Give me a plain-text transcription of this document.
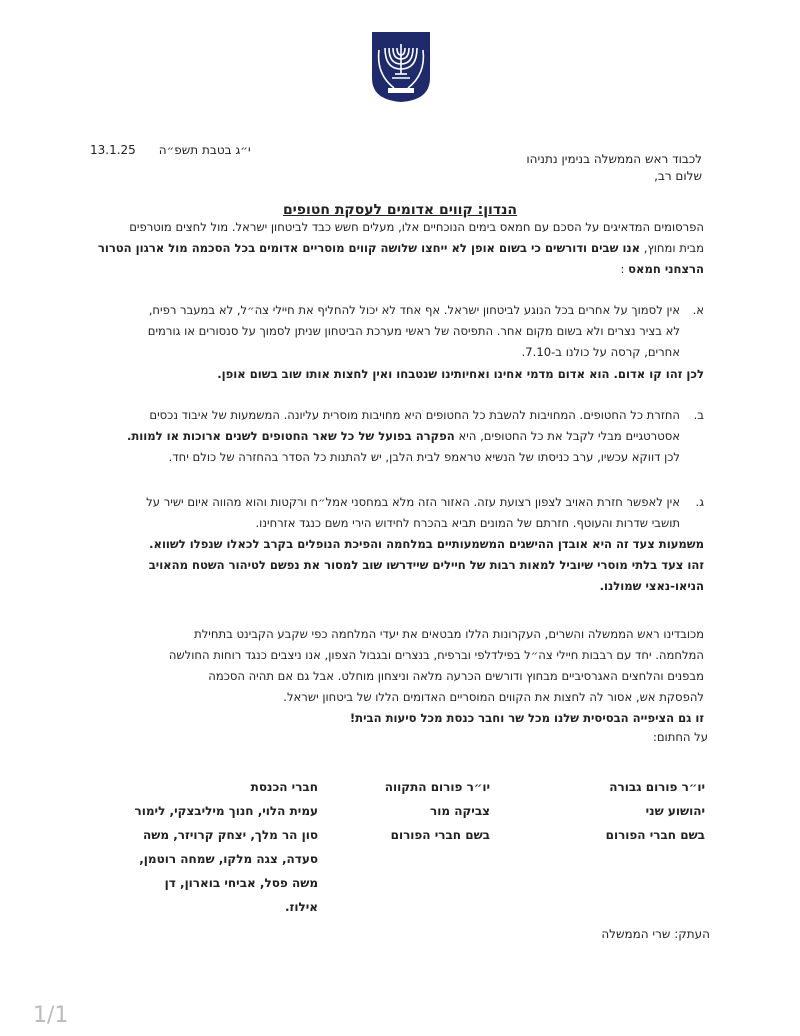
י״ג בטבת תשפ״ה      13.1.25
לכבוד ראש הממשלה בנימין נתניהו
שלום רב,
הנדון: קווים אדומים לעסקת חטופים
הפרסומים המדאיגים על הסכם עם חמאס בימים הנוכחיים אלו, מעלים חשש כבד לביטחון ישראל. מול לחצים מוטרפים
מבית ומחוץ, אנו שבים ודורשים כי בשום אופן לא ייחצו שלושה קווים מוסריים אדומים בכל הסכמה מול ארגון הטרור
הרצחני חמאס :
א.
אין לסמוך על אחרים בכל הנוגע לביטחון ישראל. אף אחד לא יכול להחליף את חיילי צה״ל, לא במעבר רפיח,
לא בציר נצרים ולא בשום מקום אחר. התפיסה של ראשי מערכת הביטחון שניתן לסמוך על סנסורים או גורמים
אחרים, קרסה על כולנו ב-7.10.
לכן זהו קו אדום. הוא אדום מדמי אחינו ואחיותינו שנטבחו ואין לחצות אותו שוב בשום אופן.
ב.
החזרת כל החטופים. המחויבות להשבת כל החטופים היא מחויבות מוסרית עליונה. המשמעות של איבוד נכסים
אסטרטגיים מבלי לקבל את כל החטופים, היא הפקרה בפועל של כל שאר החטופים לשנים ארוכות או למוות.
לכן דווקא עכשיו, ערב כניסתו של הנשיא טראמפ לבית הלבן, יש להתנות כל הסדר בהחזרה של כולם יחד.
ג.
אין לאפשר חזרת האויב לצפון רצועת עזה. האזור הזה מלא במחסני אמל״ח ורקטות והוא מהווה איום ישיר על
תושבי שדרות והעוטף. חזרתם של המונים תביא בהכרח לחידוש הירי משם כנגד אזרחינו.
משמעות צעד זה היא אובדן ההישגים המשמעותיים במלחמה והפיכת הנופלים בקרב לכאלו שנפלו לשווא.
זהו צעד בלתי מוסרי שיוביל למאות רבות של חיילים שיידרשו שוב למסור את נפשם לטיהור השטח מהאויב
הניאו-נאצי שמולנו.
מכובדינו ראש הממשלה והשרים, העקרונות הללו מבטאים את יעדי המלחמה כפי שקבע הקבינט בתחילת
המלחמה. יחד עם רבבות חיילי צה״ל בפילדלפי וברפיח, בנצרים ובגבול הצפון, אנו ניצבים כנגד רוחות החולשה
מבפנים והלחצים האגרסיביים מבחוץ ודורשים הכרעה מלאה וניצחון מוחלט. אבל גם אם תהיה הסכמה
להפסקת אש, אסור לה לחצות את הקווים המוסריים האדומים הללו של ביטחון ישראל.
זו גם הציפייה הבסיסית שלנו מכל שר וחבר כנסת מכל סיעות הבית!
על החתום:
יו״ר פורום גבורה
יהושוע שני
בשם חברי הפורום
יו״ר פורום התקווה
צביקה מור
בשם חברי הפורום
חברי הכנסת
עמית הלוי, חנוך מיליבצקי, לימור
סון הר מלך, יצחק קרויזר, משה
סעדה, צגה מלקו, שמחה רוטמן,
משה פסל, אביחי בוארון, דן
אילוז.
העתק: שרי הממשלה
1/1
